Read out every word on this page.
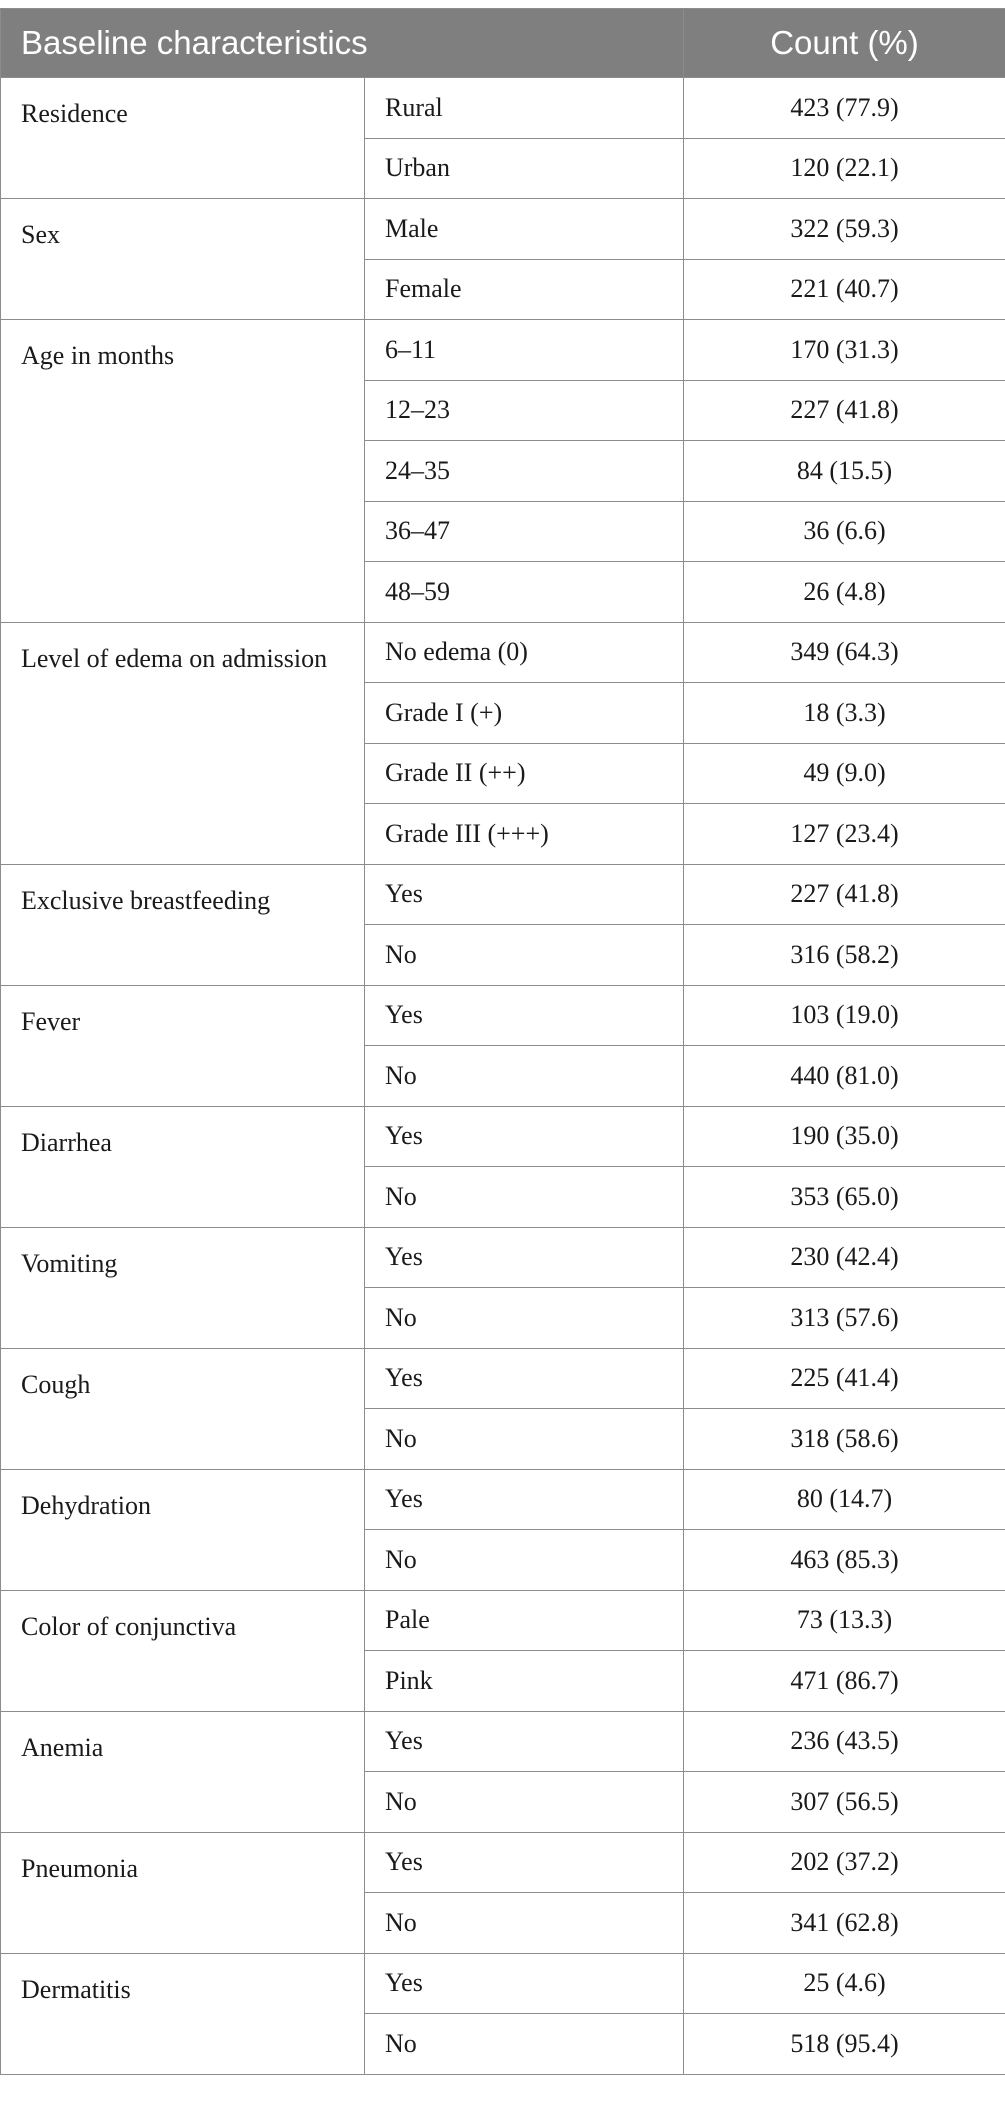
Baseline characteristics		Count (%)

Residence	Rural	423 (77.9)
	Urban	120 (22.1)

Sex	Male	322 (59.3)
	Female	221 (40.7)

Age in months	6–11	170 (31.3)
	12–23	227 (41.8)
	24–35	84 (15.5)
	36–47	36 (6.6)
	48–59	26 (4.8)

Level of edema on admission	No edema (0)	349 (64.3)
	Grade I (+)	18 (3.3)
	Grade II (++)	49 (9.0)
	Grade III (+++)	127 (23.4)

Exclusive breastfeeding	Yes	227 (41.8)
	No	316 (58.2)

Fever	Yes	103 (19.0)
	No	440 (81.0)

Diarrhea	Yes	190 (35.0)
	No	353 (65.0)

Vomiting	Yes	230 (42.4)
	No	313 (57.6)

Cough	Yes	225 (41.4)
	No	318 (58.6)

Dehydration	Yes	80 (14.7)
	No	463 (85.3)

Color of conjunctiva	Pale	73 (13.3)
	Pink	471 (86.7)

Anemia	Yes	236 (43.5)
	No	307 (56.5)

Pneumonia	Yes	202 (37.2)
	No	341 (62.8)

Dermatitis	Yes	25 (4.6)
	No	518 (95.4)
